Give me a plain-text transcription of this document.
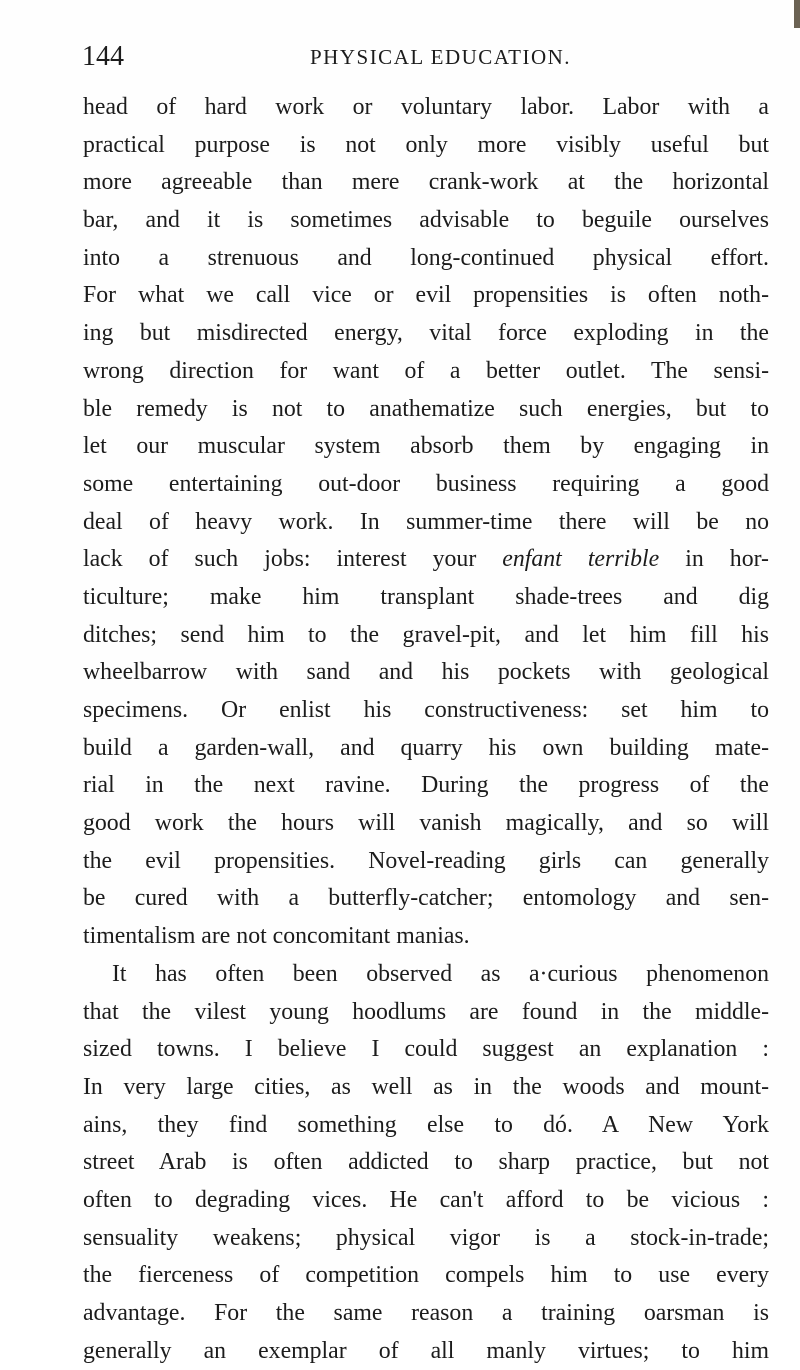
144	PHYSICAL EDUCATION.
head of hard work or voluntary labor. Labor with a
practical purpose is not only more visibly useful but
more agreeable than mere crank-work at the horizontal
bar, and it is sometimes advisable to beguile ourselves
into a strenuous and long-continued physical effort.
For what we call vice or evil propensities is often noth-
ing but misdirected energy, vital force exploding in the
wrong direction for want of a better outlet. The sensi-
ble remedy is not to anathematize such energies, but to
let our muscular system absorb them by engaging in
some entertaining out-door business requiring a good
deal of heavy work. In summer-time there will be no
lack of such jobs: interest your enfant terrible in hor-
ticulture; make him transplant shade-trees and dig
ditches; send him to the gravel-pit, and let him fill his
wheelbarrow with sand and his pockets with geological
specimens. Or enlist his constructiveness: set him to
build a garden-wall, and quarry his own building mate-
rial in the next ravine. During the progress of the
good work the hours will vanish magically, and so will
the evil propensities. Novel-reading girls can generally
be cured with a butterfly-catcher; entomology and sen-
timentalism are not concomitant manias.
It has often been observed as a·curious phenomenon
that the vilest young hoodlums are found in the middle-
sized towns. I believe I could suggest an explanation :
In very large cities, as well as in the woods and mount-
ains, they find something else to dó. A New York
street Arab is often addicted to sharp practice, but not
often to degrading vices. He can't afford to be vicious :
sensuality weakens; physical vigor is a stock-in-trade;
the fierceness of competition compels him to use every
advantage. For the same reason a training oarsman is
generally an exemplar of all manly virtues; to him
